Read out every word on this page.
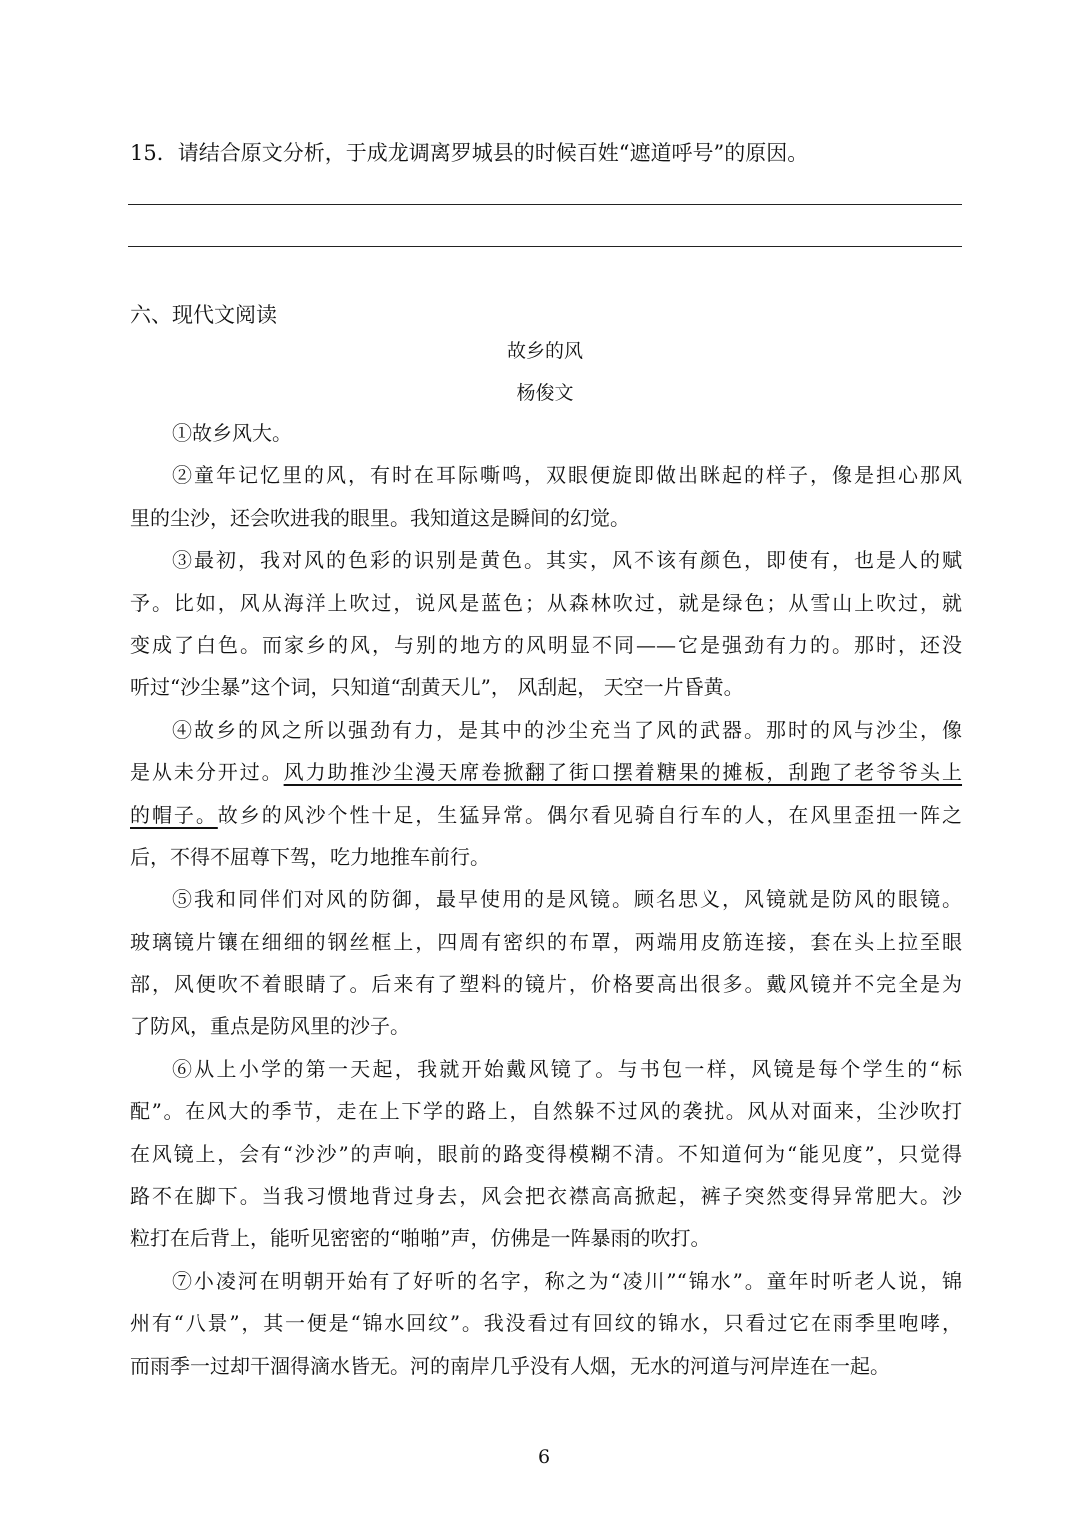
15．请结合原文分析，于成龙调离罗城县的时候百姓“遮道呼号”的原因。
六、现代文阅读
故乡的风
杨俊文
①故乡风大。
②童年记忆里的风，有时在耳际嘶鸣，双眼便旋即做出眯起的样子，像是担心那风
里的尘沙，还会吹进我的眼里。我知道这是瞬间的幻觉。
③最初，我对风的色彩的识别是黄色。其实，风不该有颜色，即使有，也是人的赋
予。比如，风从海洋上吹过，说风是蓝色；从森林吹过，就是绿色；从雪山上吹过，就
变成了白色。而家乡的风，与别的地方的风明显不同——它是强劲有力的。那时，还没
听过“沙尘暴”这个词，只知道“刮黄天儿”， 风刮起， 天空一片昏黄。
④故乡的风之所以强劲有力，是其中的沙尘充当了风的武器。那时的风与沙尘，像
是从未分开过。风力助推沙尘漫天席卷掀翻了街口摆着糖果的摊板，刮跑了老爷爷头上
的帽子。故乡的风沙个性十足，生猛异常。偶尔看见骑自行车的人，在风里歪扭一阵之
后，不得不屈尊下驾，吃力地推车前行。
⑤我和同伴们对风的防御，最早使用的是风镜。顾名思义，风镜就是防风的眼镜。
玻璃镜片镶在细细的钢丝框上，四周有密织的布罩，两端用皮筋连接，套在头上拉至眼
部，风便吹不着眼睛了。后来有了塑料的镜片，价格要高出很多。戴风镜并不完全是为
了防风，重点是防风里的沙子。
⑥从上小学的第一天起，我就开始戴风镜了。与书包一样，风镜是每个学生的“标
配”。在风大的季节，走在上下学的路上，自然躲不过风的袭扰。风从对面来，尘沙吹打
在风镜上，会有“沙沙”的声响，眼前的路变得模糊不清。不知道何为“能见度”，只觉得
路不在脚下。当我习惯地背过身去，风会把衣襟高高掀起，裤子突然变得异常肥大。沙
粒打在后背上，能听见密密的“啪啪”声，仿佛是一阵暴雨的吹打。
⑦小凌河在明朝开始有了好听的名字，称之为“凌川”“锦水”。童年时听老人说，锦
州有“八景”，其一便是“锦水回纹”。我没看过有回纹的锦水，只看过它在雨季里咆哮，
而雨季一过却干涸得滴水皆无。河的南岸几乎没有人烟，无水的河道与河岸连在一起。
6
